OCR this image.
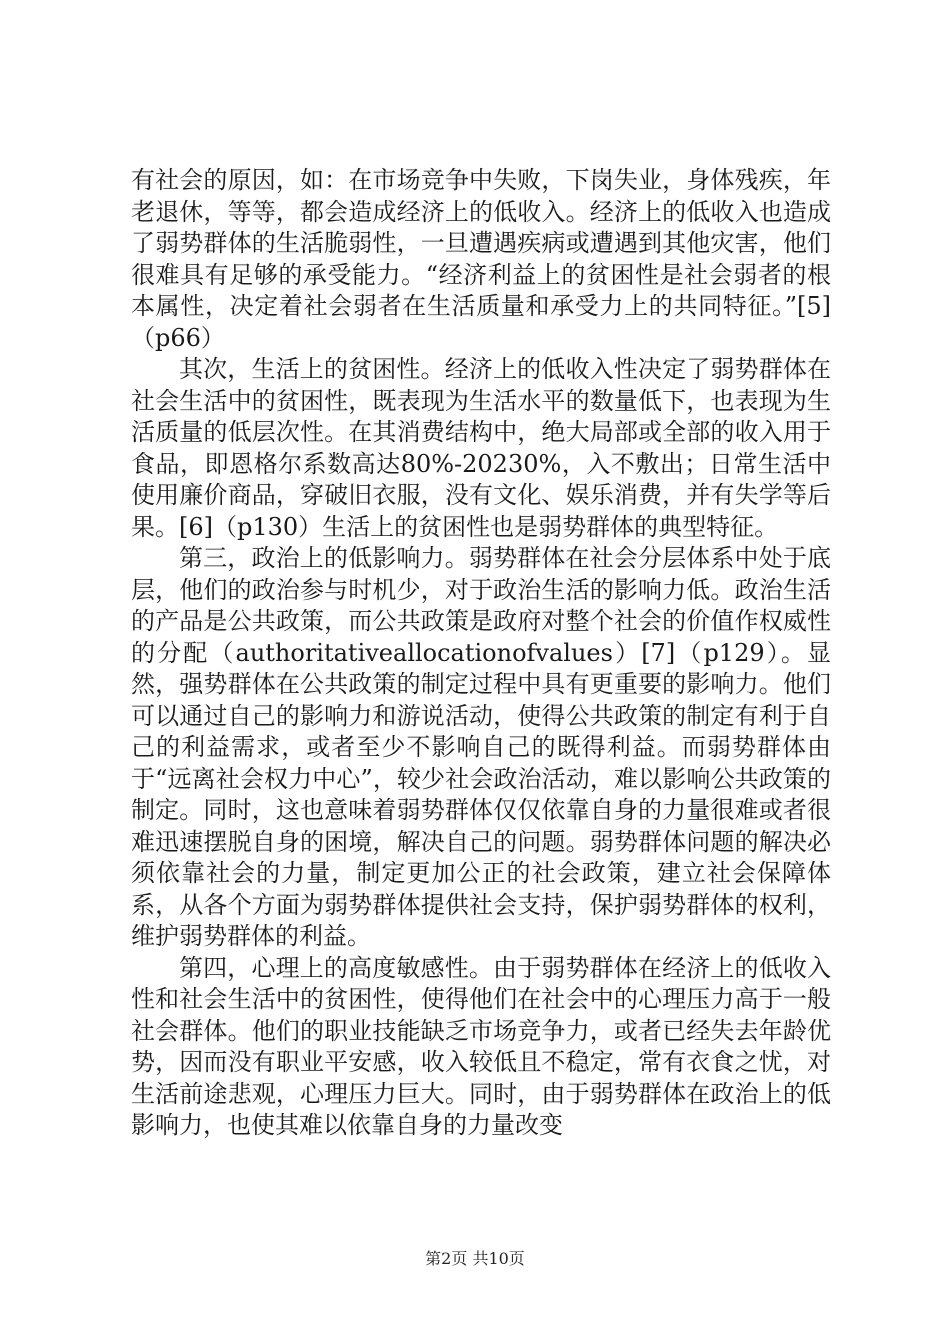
有社会的原因，如：在市场竞争中失败，下岗失业，身体残疾，年老退休，等等，都会造成经济上的低收入。经济上的低收入也造成了弱势群体的生活脆弱性，一旦遭遇疾病或遭遇到其他灾害，他们很难具有足够的承受能力。“经济利益上的贫困性是社会弱者的根本属性，决定着社会弱者在生活质量和承受力上的共同特征。”[5]（p66）

其次，生活上的贫困性。经济上的低收入性决定了弱势群体在社会生活中的贫困性，既表现为生活水平的数量低下，也表现为生活质量的低层次性。在其消费结构中，绝大局部或全部的收入用于食品，即恩格尔系数高达80%-20230%，入不敷出；日常生活中使用廉价商品，穿破旧衣服，没有文化、娱乐消费，并有失学等后果。[6]（p130）生活上的贫困性也是弱势群体的典型特征。

第三，政治上的低影响力。弱势群体在社会分层体系中处于底层，他们的政治参与时机少，对于政治生活的影响力低。政治生活的产品是公共政策，而公共政策是政府对整个社会的价值作权威性的分配（authoritativeallocationofvalues）[7]（p129）。显然，强势群体在公共政策的制定过程中具有更重要的影响力。他们可以通过自己的影响力和游说活动，使得公共政策的制定有利于自己的利益需求，或者至少不影响自己的既得利益。而弱势群体由于“远离社会权力中心”，较少社会政治活动，难以影响公共政策的制定。同时，这也意味着弱势群体仅仅依靠自身的力量很难或者很难迅速摆脱自身的困境，解决自己的问题。弱势群体问题的解决必须依靠社会的力量，制定更加公正的社会政策，建立社会保障体系，从各个方面为弱势群体提供社会支持，保护弱势群体的权利，维护弱势群体的利益。

第四，心理上的高度敏感性。由于弱势群体在经济上的低收入性和社会生活中的贫困性，使得他们在社会中的心理压力高于一般社会群体。他们的职业技能缺乏市场竞争力，或者已经失去年龄优势，因而没有职业平安感，收入较低且不稳定，常有衣食之忧，对生活前途悲观，心理压力巨大。同时，由于弱势群体在政治上的低影响力，也使其难以依靠自身的力量改变

第2页 共10页
